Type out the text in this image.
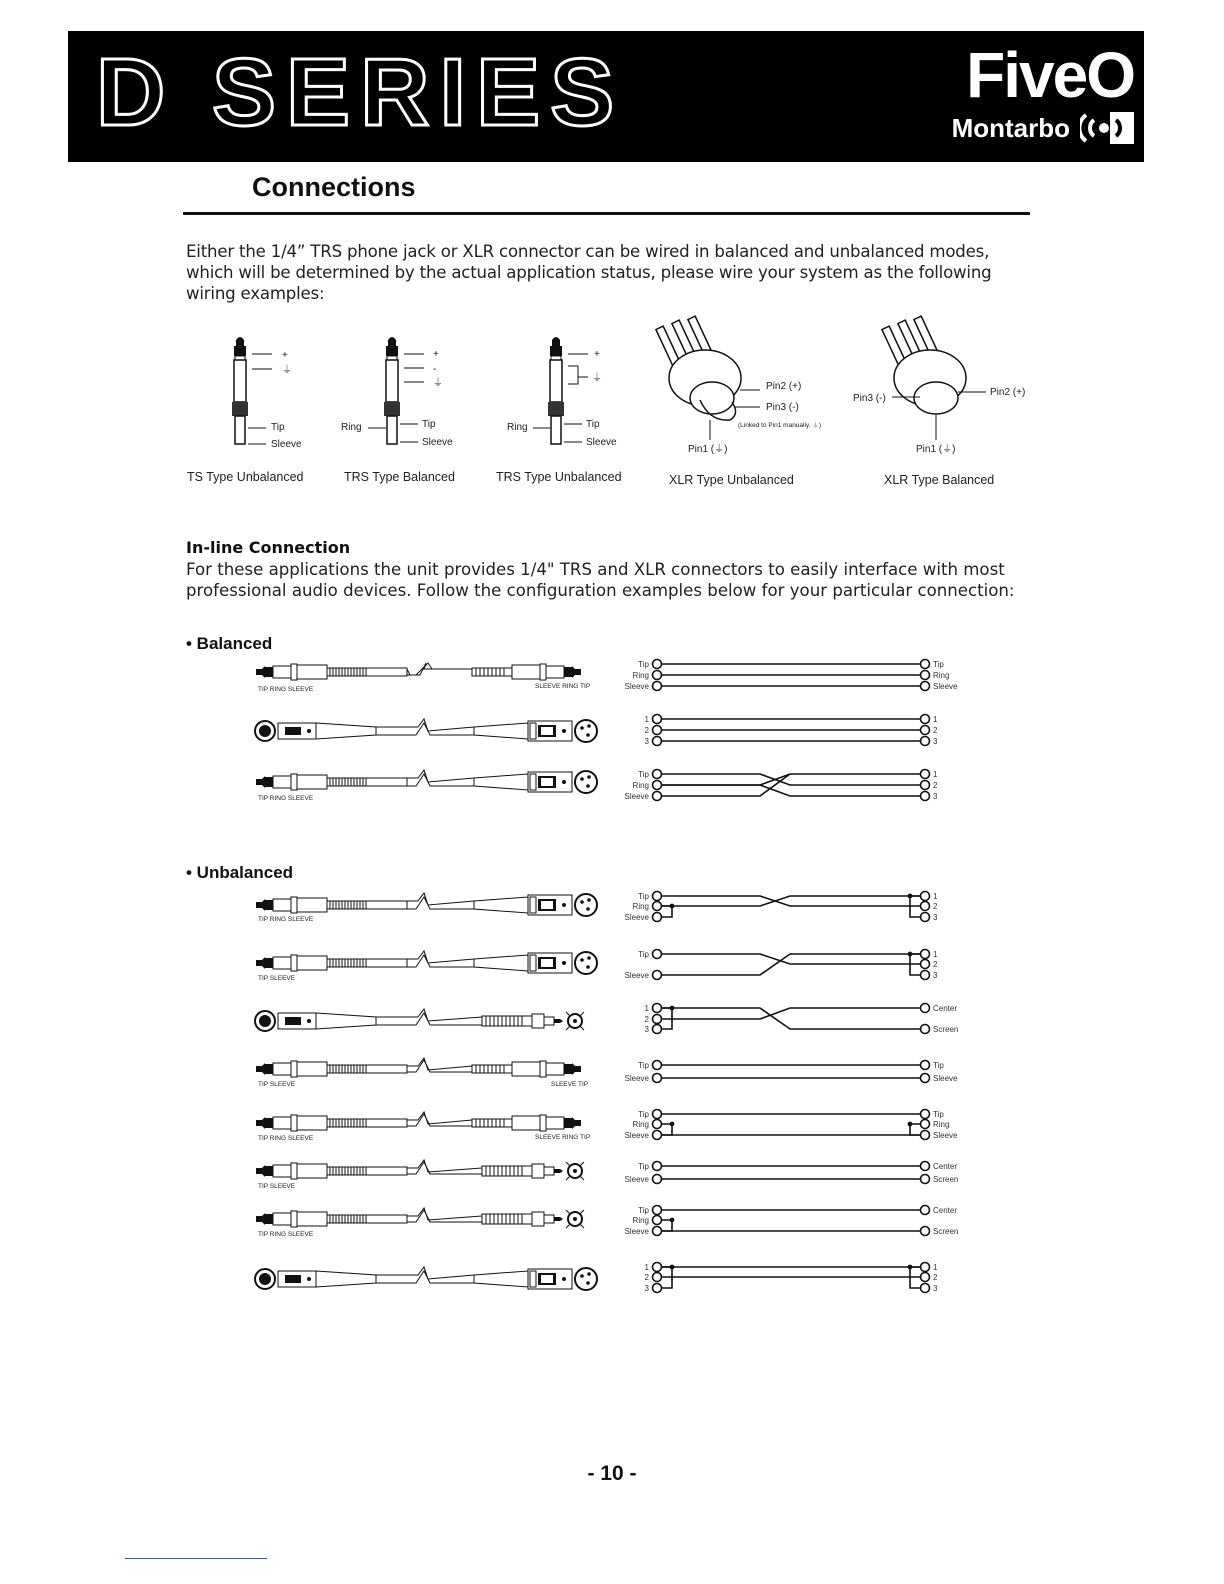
D SERIES	FiveO
Montarbo
Connections
Either the 1/4” TRS phone jack or XLR connector can be wired in balanced and unbalanced modes, which will be determined by the actual application status, please wire your system as the following wiring examples:
+
⏚
Tip
Sleeve
+
-
⏚
Ring	Tip
Sleeve
+
⏚
Ring	Tip
Sleeve
Pin2 (+)
Pin3 (-)
(Linked to Pin1 manually. ⏚)
Pin1 (⏚)
Pin3 (-)
Pin2 (+)
Pin1 (⏚)
TS Type Unbalanced	TRS Type Balanced	TRS Type Unbalanced	XLR Type Unbalanced	XLR Type Balanced
In-line Connection
For these applications the unit provides 1/4" TRS and XLR connectors to easily interface with most professional audio devices. Follow the configuration examples below for your particular connection:
• Balanced
• Unbalanced
TIP RING SLEEVE	SLEEVE RING TIP
TIP RING SLEEVE
TIP RING SLEEVE
TIP SLEEVE
TIP SLEEVE	SLEEVE TIP
TIP RING SLEEVE	SLEEVE RING TIP
TIP SLEEVE
TIP RING SLEEVE
Tip	Tip
Ring	Ring
Sleeve	Sleeve
1	1
2	2
3	3
Tip	1
Ring	2
Sleeve	3
Tip	1
Ring	2
Sleeve	3
Tip
Sleeve
1
2
3
1	Center
2
3	Screen
Tip	Tip
Sleeve	Sleeve
Tip	Tip
Ring	Ring
Sleeve	Sleeve
Tip	Center
Sleeve	Screen
Tip	Center
Ring
Sleeve	Screen
1	1
2	2
3	3
- 10 -
